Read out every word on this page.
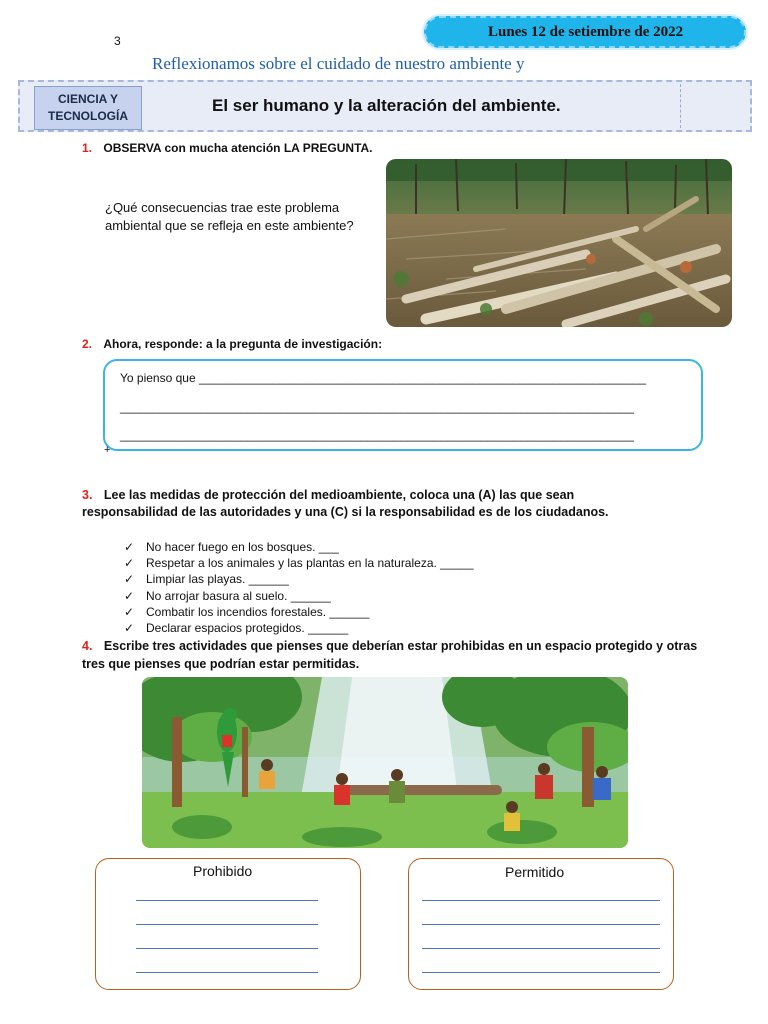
3
Lunes 12 de setiembre de 2022
Reflexionamos sobre el cuidado de nuestro ambiente y
CIENCIA Y
TECNOLOGÍA
El ser humano y la alteración del ambiente.
1. OBSERVA con mucha atención LA PREGUNTA.
¿Qué consecuencias trae este problema ambiental que se refleja en este ambiente?
2. Ahora, responde: a la pregunta de investigación:
Yo pienso que ___________________________________________________________________
_____________________________________________________________________________
_____________________________________________________________________________
+
3. Lee las medidas de protección del medioambiente, coloca una (A) las que sean responsabilidad de las autoridades y una (C) si la responsabilidad es de los ciudadanos.
✓ No hacer fuego en los bosques. ___
✓ Respetar a los animales y las plantas en la naturaleza. _____
✓ Limpiar las playas. ______
✓ No arrojar basura al suelo. ______
✓ Combatir los incendios forestales. ______
✓ Declarar espacios protegidos. ______
4. Escribe tres actividades que pienses que deberían estar prohibidas en un espacio protegido y otras tres que pienses que podrían estar permitidas.
Prohibido	Permitido
